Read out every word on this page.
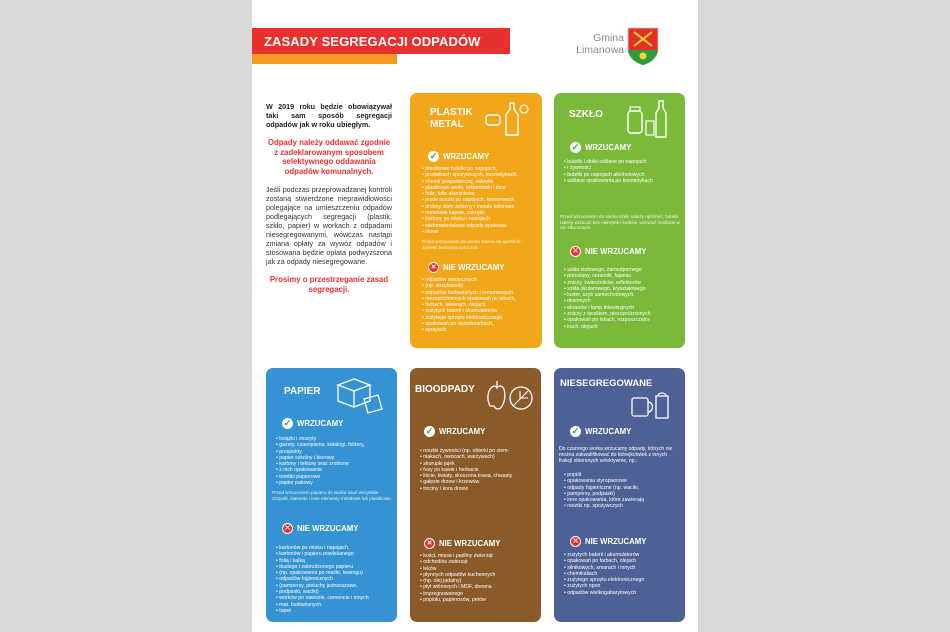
ZASADY SEGREGACJI ODPADÓW	Gmina
Limanowa

W 2019 roku będzie obowiązywał taki sam sposób segregacji odpadów jak w roku ubiegłym.

Odpady należy oddawać zgodnie z zadeklarowanym sposobem selektywnego oddawania odpadów komunalnych.

Jeśli podczas przeprowadzanej kontroli zostaną stwierdzone nieprawidłowości polegające na umieszczeniu odpadów podlegających segregacji (plastik, szkło, papier) w workach z odpadami niesegregowanymi, wówczas nastąpi zmiana opłaty za wywóz odpadów i stosowana będzie opłata podwyższona jak za odpady niesegregowane.

Prosimy o przestrzeganie zasad segregacji.

PLASTIK
METAL
✓ WRZUCAMY
• plastikowe butelki po napojach,
• produktach spożywczych, kosmetykach,
• chemii gospodarczej, zakrętki
• plastikowe worki, reklamówki i inne
• folie, folie aluminiowe
• puste puszki po napojach, konserwach
• drobny złom żelazny i metale kolorowe
• metalowe kapsle, zakrętki
• kartony po mleku i napojach
• wielomateriałowe odpady opakowa-
• niowe
Przed wrzuceniem do worka zaleca się opróżnić i zgnieść tworzywa sztuczne.
✕ NIE WRZUCAMY
• odpadów medycznych
• (np. strzykawek)
• odpadów budowlanych i remontowych
• niezopróżnionych opakowań po lekach,
• farbach, lakierach, olejach
• zużytych baterii i akumulatorów
• zużytego sprzętu elektronicznego
• opakowań po dezodorantach,
• sprayach
SZKŁO
✓ WRZUCAMY
• butelki i słoiki szklane po napojach
• i żywności
• butelki po napojach alkoholowych
• szklane opakowania po kosmetykach
Przed wrzuceniem do worka szkło należy opróżnić, butelki należy wrzucać bez nakrętek i korków, wrzucać możliwie w nie stłuczonym.
✕ NIE WRZUCAMY
• szkła stołowego, żaroodpornego
• porcelany, ceramiki, fajansu
• zniczy, świeczników, reflektorów
• szkła okularowego, kryształowego
• luster, szyb samochodowych,
• okiennych
• ekranów i lamp telewizyjnych
• zniczy z woskiem, niezopróżnionych
• opakowań po lekach, rozpuszczalni-
• kach, olejach
PAPIER
✓ WRZUCAMY
• książki i zeszyty
• gazety, czasopisma, katalogi, foldery,
• prospekty
• papier szkolny i biurowy
• kartony i tekturę oraz zrobione
• z nich opakowania
• torebki papierowe
• papier pakowy
Przed wrzuceniem papieru do worka usuń wszystkie zszywki, klamerki i inne elementy metalowe lub plastikowe.
✕ NIE WRZUCAMY
• kartonów po mleku i napojach,
• kartonów i papieru powlekanego
• folią i kalką
• tłustego i zabrudzonego papieru
• (np. opakowania po maśle, twarogu)
• odpadów higienicznych
• (pampersy, pieluchy jednorazowe,
• podpaski, waciki)
• worków po nawozie, cemencie i innych
• mat. budowlanych
• tapet
BIOODPADY
✓ WRZUCAMY
• resztki żywności (np. obierki po ziem-
• niakach, owocach, warzywach)
• skorupki jajek
• fusy po kawie i herbacie
• liście, kwiaty, skoszona trawa, chwasty
• gałęzie drzew i krzewów
• trociny i kora drzew
✕ NIE WRZUCAMY
• kości, mięsa i padliny zwierząt
• odchodów zwierząt
• leków
• płynnych odpadów kuchennych
• (np. olej jadalny)
• płyt wiórowych i MDF, drewna
• impregnowanego
• popiołu, papierosów, petów
NIESEGREGOWANE
✓ WRZUCAMY
Do czarnego worka wrzucamy odpady, których nie można zakwalifikować do którejkolwiek z innych frakcji zbieranych selektywnie, np.:
• popiół
• opakowania styropianowe
• odpady higieniczne (np. waciki,
• pampersy, podpaski)
• inne opakowania, które zawierają
• resztki np. spożywczych
✕ NIE WRZUCAMY
• zużytych baterii i akumulatorów
• opakowań po farbach, olejach
• silnikowych, smarach i innych
• chemikaliach
• zużytego sprzętu elektronicznego
• zużytych opon
• odpadów wielkogabarytowych
